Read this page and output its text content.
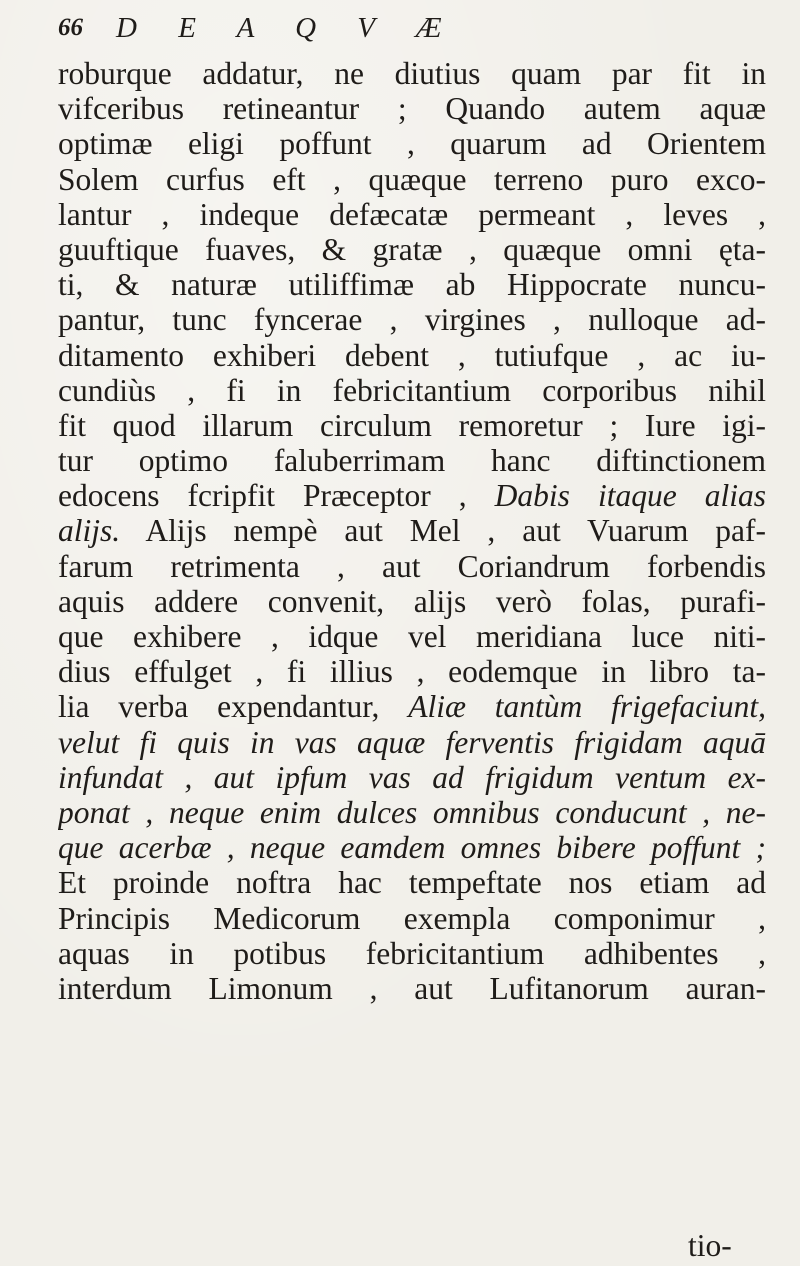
66 D E A Q V Æ
roburque addatur, ne diutius quam par fit in
vifceribus retineantur ; Quando autem aquæ
optimæ eligi poffunt , quarum ad Orientem
Solem curfus eft , quæque terreno puro exco-
lantur , indeque defæcatæ permeant , leves ,
guuftique fuaves, & gratæ , quæque omni ęta-
ti, & naturæ utiliffimæ ab Hippocrate nuncu-
pantur, tunc fyncerae , virgines , nulloque ad-
ditamento exhiberi debent , tutiufque , ac iu-
cundiùs , fi in febricitantium corporibus nihil
fit quod illarum circulum remoretur ; Iure igi-
tur optimo faluberrimam hanc diftinctionem
edocens fcripfit Præceptor , Dabis itaque alias
alijs. Alijs nempè aut Mel , aut Vuarum paf-
farum retrimenta , aut Coriandrum forbendis
aquis addere convenit, alijs verò folas, purafi-
que exhibere , idque vel meridiana luce niti-
dius effulget , fi illius , eodemque in libro ta-
lia verba expendantur, Aliæ tantùm frigefaciunt,
velut fi quis in vas aquæ ferventis frigidam aquā
infundat , aut ipfum vas ad frigidum ventum ex-
ponat , neque enim dulces omnibus conducunt , ne-
que acerbæ , neque eamdem omnes bibere poffunt ;
Et proinde noftra hac tempeftate nos etiam ad
Principis Medicorum exempla componimur ,
aquas in potibus febricitantium adhibentes ,
interdum Limonum , aut Lufitanorum auran-
tio-
